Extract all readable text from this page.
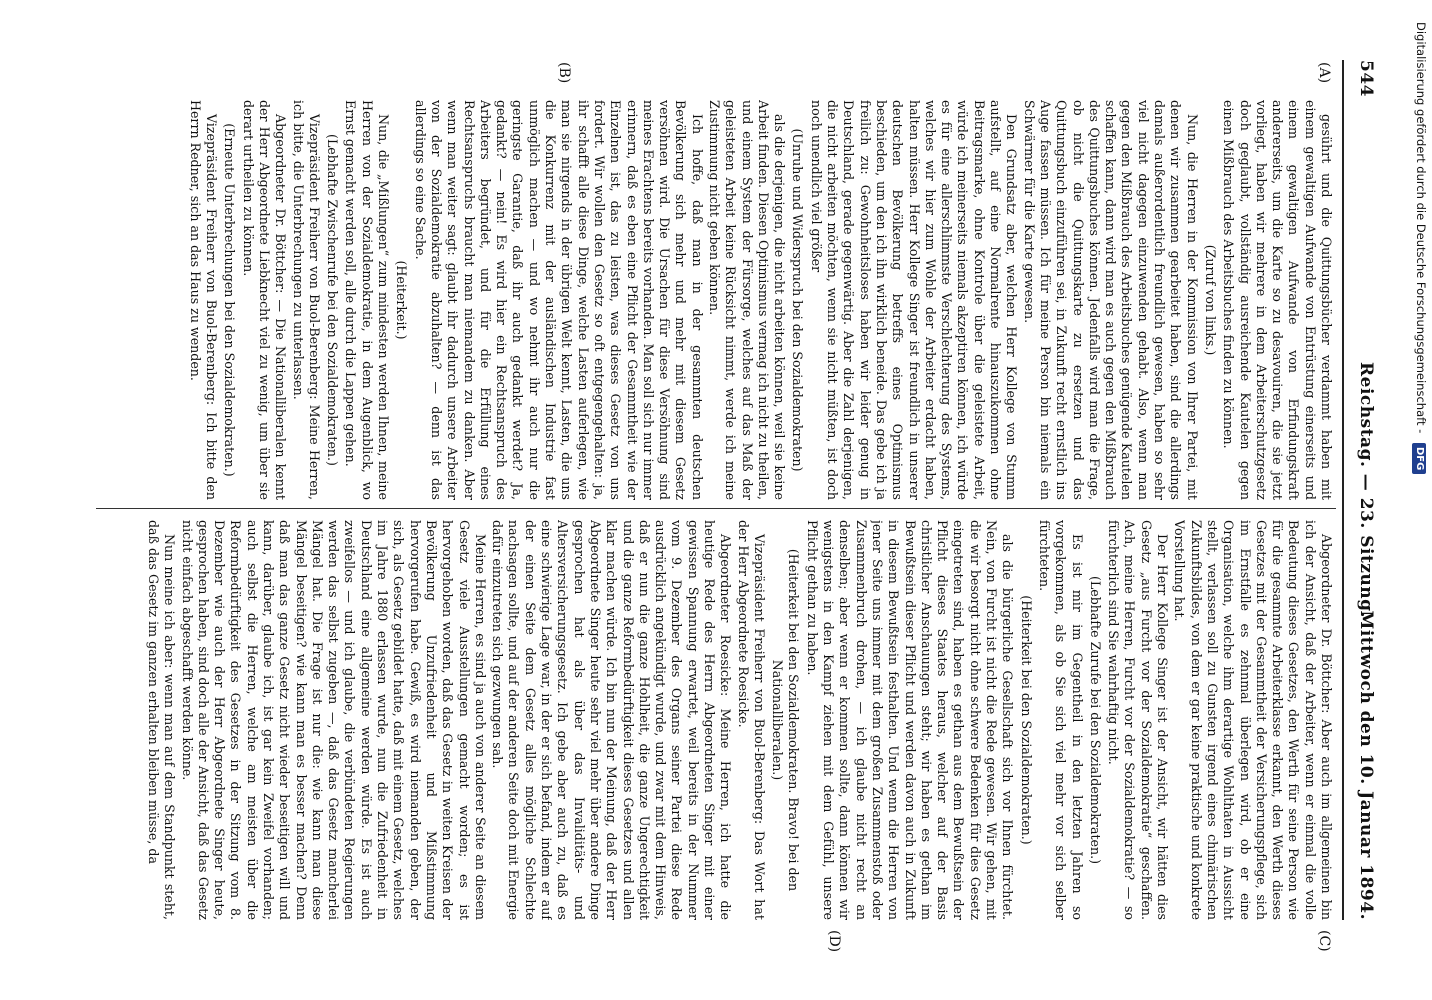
544
Reichstag. — 23. Sitzung.
Mittwoch den 10. Januar 1894.
(A)
(B)
(C)
(D)

gesührt und die Quittungsbücher verdammt haben mit einem gewaltigen Aufwande von Entrüstung einerseits und einem gewaltigen Aufwande von Erfindungskraft andererseits, um die Karte so zu desavouiren, die sie jetzt vorliegt, haben wir mehrere in dem Arbeiterschutzgesetz doch geglaubt, vollständig ausreichende Kautelen gegen einen Mißbrauch des Arbeitsbuches finden zu können.

(Zuruf von links.)

Nun, die Herren in der Kommission von Ihrer Partei, mit denen wir zusammen gearbeitet haben, sind die allerdings damals außerordentlich freundlich gewesen, haben so sehr viel nicht dagegen einzuwenden gehabt. Also, wenn man gegen den Mißbrauch des Arbeitsbuches genügende Kautelen schaffen kann, dann wird man es auch gegen den Mißbrauch des Quittungsbuches können. Jedenfalls wird man die Frage, ob nicht die Quittungskarte zu ersetzen und das Quittungsbuch einzuführen sei, in Zukunft recht ernstlich ins Auge fassen müssen. Ich für meine Person bin niemals ein Schwärmer für die Karte gewesen.

Den Grundsatz aber, welchen Herr Kollege von Stumm aufstellt, auf eine Normalrente hinauszukommen ohne Beitragsmarke, ohne Kontrole über die geleistete Arbeit, würde ich meinerseits niemals akzeptiren können, ich würde es für eine allerschlimmste Verschlechterung des Systems, welches wir hier zum Wohle der Arbeiter erdacht haben, halten müssen. Herr Kollege Singer ist freundlich in unserer deutschen Bevölkerung betreffs eines Optimismus beschieden, um den ich ihn wirklich beneide. Das gebe ich ja freilich zu: Gewohnheitsloses haben wir leider genug in Deutschland, gerade gegenwärtig. Aber die Zahl derjenigen, die nicht arbeiten möchten, wenn sie nicht müßten, ist doch noch unendlich viel größer

(Unruhe und Widerspruch bei den Sozialdemokraten)

als die derjenigen, die nicht arbeiten können, weil sie keine Arbeit finden. Diesen Optimismus vermag ich nicht zu theilen, und einem System der Fürsorge, welches auf das Maß der geleisteten Arbeit keine Rücksicht nimmt, werde ich meine Zustimmung nicht geben können.

Ich hoffe, daß man in der gesammten deutschen Bevölkerung sich mehr und mehr mit diesem Gesetz versöhnen wird. Die Ursachen für diese Versöhnung sind meines Erachtens bereits vorhanden. Man soll sich nur immer erinnern, daß es eben eine Pflicht der Gesammtheit wie der Einzelnen ist, das zu leisten, was dieses Gesetz von uns fordert. Wir wollen den Gesetz so oft entgegengehalten: ja, ihr schafft alle diese Dinge, welche Lasten auferlegen, wie man sie nirgends in der übrigen Welt kennt, Lasten, die uns die Konkurrenz mit der ausländischen Industrie fast unmöglich machen — und wo nehmt ihr auch nur die geringste Garantie, daß ihr auch gedankt werdet? Ja, gedankt? — nein! Es wird hier ein Rechtsanspruch des Arbeiters begründet, und für die Erfüllung eines Rechtsanspruchs braucht man niemandem zu danken. Aber wenn man weiter sagt: glaubt ihr dadurch unsere Arbeiter von der Sozialdemokratie abzuhalten? — denn ist das allerdings so eine Sache.

(Heiterkeit.)

Nun, die „Mißlungen“ zum mindesten werden Ihnen, meine Herren von der Sozialdemokratie, in dem Augenblick, wo Ernst gemacht werden soll, alle durch die Lappen gehen.

(Lebhafte Zwischenrufe bei den Sozialdemokraten.)

Vizepräsident Freiherr von Buol-Berenberg: Meine Herren, ich bitte, die Unterbrechungen zu unterlassen.

Abgeordneter Dr. Böttcher: — Die Nationalliberalen kennt der Herr Abgeordnete Liebknecht viel zu wenig, um über sie derart urtheilen zu können.

(Erneute Unterbrechungen bei den Sozialdemokraten.)

Vizepräsident Freiherr von Buol-Berenberg: Ich bitte den Herrn Redner, sich an das Haus zu wenden.

Abgeordneter Dr. Böttcher: Aber auch im allgemeinen bin ich der Ansicht, daß der Arbeiter, wenn er einmal die volle Bedeutung dieses Gesetzes, den Werth für seine Person wie für die gesammte Arbeiterklasse erkannt, den Werth dieses Gesetzes mit der Gesammtheit der Versicherungspflege, sich im Ernstfalle es zehnmal überlegen wird, ob er eine Organisation, welche ihm derartige Wohlthaten in Aussicht stellt, verlassen soll zu Gunsten irgend eines chimärischen Zukunftsbildes, von dem er gar keine praktische und konkrete Vorstellung hat.

Der Herr Kollege Singer ist der Ansicht, wir hätten dies Gesetz „aus Furcht vor der Sozialdemokratie“ geschaffen. Ach, meine Herren, Furcht vor der Sozialdemokratie? — so fürchterlich sind Sie wahrhaftig nicht.

(Lebhafte Zurufe bei den Sozialdemokraten.)

Es ist mir im Gegentheil in den letzten Jahren so vorgekommen, als ob Sie sich viel mehr vor sich selber fürchteten.

(Heiterkeit bei den Sozialdemokraten.)

als die bürgerliche Gesellschaft sich vor Ihnen fürchtet. Nein, von Furcht ist nicht die Rede gewesen. Wir gehen, mit die wir besorgt nicht ohne schwere Bedenken für dies Gesetz eingetreten sind, haben es gethan aus dem Bewußtsein der Pflicht dieses Staates heraus, welcher auf der Basis christlicher Anschauungen steht; wir haben es gethan im Bewußtsein dieser Pflicht und werden davon auch in Zukunft in diesem Bewußtsein festhalten. Und wenn die Herren von jener Seite uns immer mit dem großen Zusammenstoß oder Zusammenbruch drohen, — ich glaube nicht recht an denselben; aber wenn er kommen sollte, dann können wir wenigstens in den Kampf ziehen mit dem Gefühl, unsere Pflicht gethan zu haben.

(Heiterkeit bei den Sozialdemokraten. Bravo! bei den Nationalliberalen.)

Vizepräsident Freiherr von Buol-Berenberg: Das Wort hat der Herr Abgeordnete Roesicke.

Abgeordneter Roesicke: Meine Herren, ich hatte die heutige Rede des Herrn Abgeordneten Singer mit einer gewissen Spannung erwartet, weil bereits in der Nummer vom 9. Dezember des Organs seiner Partei diese Rede ausdrücklich angekündigt wurde, und zwar mit dem Hinweis, daß er nun die ganze Hohlheit, die ganze Ungerechtigkeit und die ganze Reformbedürftigkeit dieses Gesetzes und allen klar machen würde. Ich bin nun der Meinung, daß der Herr Abgeordnete Singer heute sehr viel mehr über andere Dinge gesprochen hat als über das Invaliditäts- und Altersversicherungsgesetz. Ich gebe aber auch zu, daß es eine schwierige Lage war, in der er sich befand, indem er auf der einen Seite dem Gesetz alles mögliche Schlechte nachsagen sollte, und auf der anderen Seite doch mit Energie dafür einzutreten sich gezwungen sah.

Meine Herren, es sind ja auch von anderer Seite an diesem Gesetz viele Ausstellungen gemacht worden; es ist hervorgehoben worden, daß das Gesetz in weiten Kreisen der Bevölkerung Unzufriedenheit und Mißstimmung hervorgerufen habe. Gewiß, es wird niemanden geben, der sich, als Gesetz gebildet hatte, daß mit einem Gesetz, welches im Jahre 1880 erlassen wurde, nun die Zufriedenheit in Deutschland eine allgemeine werden würde. Es ist auch zweifellos — und ich glaube, die verbündeten Regierungen werden das selbst zugeben —, daß das Gesetz mancherlei Mängel hat. Die Frage ist nur die: wie kann man diese Mängel beseitigen? wie kann man es besser machen? Denn daß man das ganze Gesetz nicht wieder beseitigen will und kann, darüber, glaube ich, ist gar kein Zweifel vorhanden; auch selbst die Herren, welche am meisten über die Reformbedürftigkeit des Gesetzes in der Sitzung vom 8. Dezember wie auch der Herr Abgeordnete Singer heute, gesprochen haben, sind doch alle der Ansicht, daß das Gesetz nicht einfach abgeschafft werden könne.

Nun meine ich aber: wenn man auf dem Standpunkt steht, daß das Gesetz im ganzen erhalten bleiben müsse, da

Digitalisierung gefördert durch die Deutsche Forschungsgemeinschaft - DFG
